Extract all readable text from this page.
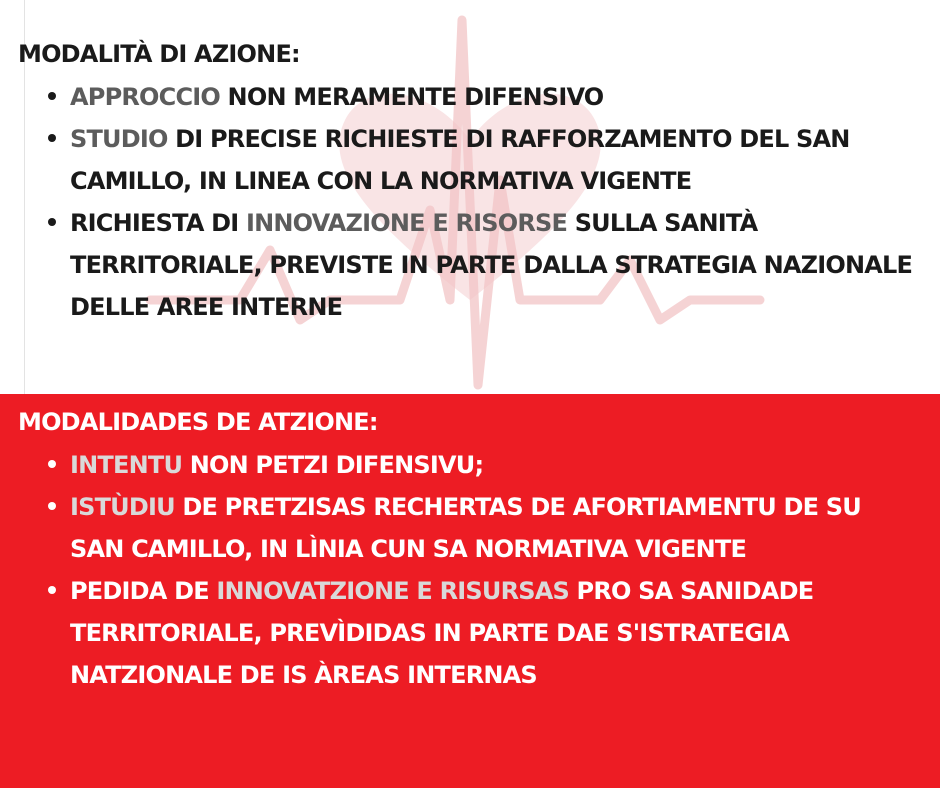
MODALITÀ DI AZIONE:
APPROCCIO NON MERAMENTE DIFENSIVO
STUDIO DI PRECISE RICHIESTE DI RAFFORZAMENTO DEL SAN CAMILLO, IN LINEA CON LA NORMATIVA VIGENTE
RICHIESTA DI INNOVAZIONE E RISORSE SULLA SANITÀ TERRITORIALE, PREVISTE IN PARTE DALLA STRATEGIA NAZIONALE DELLE AREE INTERNE
MODALIDADES DE ATZIONE:
INTENTU NON PETZI DIFENSIVU;
ISTÙDIU DE PRETZISAS RECHERTAS DE AFORTIAMENTU DE SU SAN CAMILLO, IN LÌNIA CUN SA NORMATIVA VIGENTE
PEDIDA DE INNOVATZIONE E RISURSAS PRO SA SANIDADE TERRITORIALE, PREVÌDIDAS IN PARTE DAE S'ISTRATEGIA NATZIONALE DE IS ÀREAS INTERNAS
